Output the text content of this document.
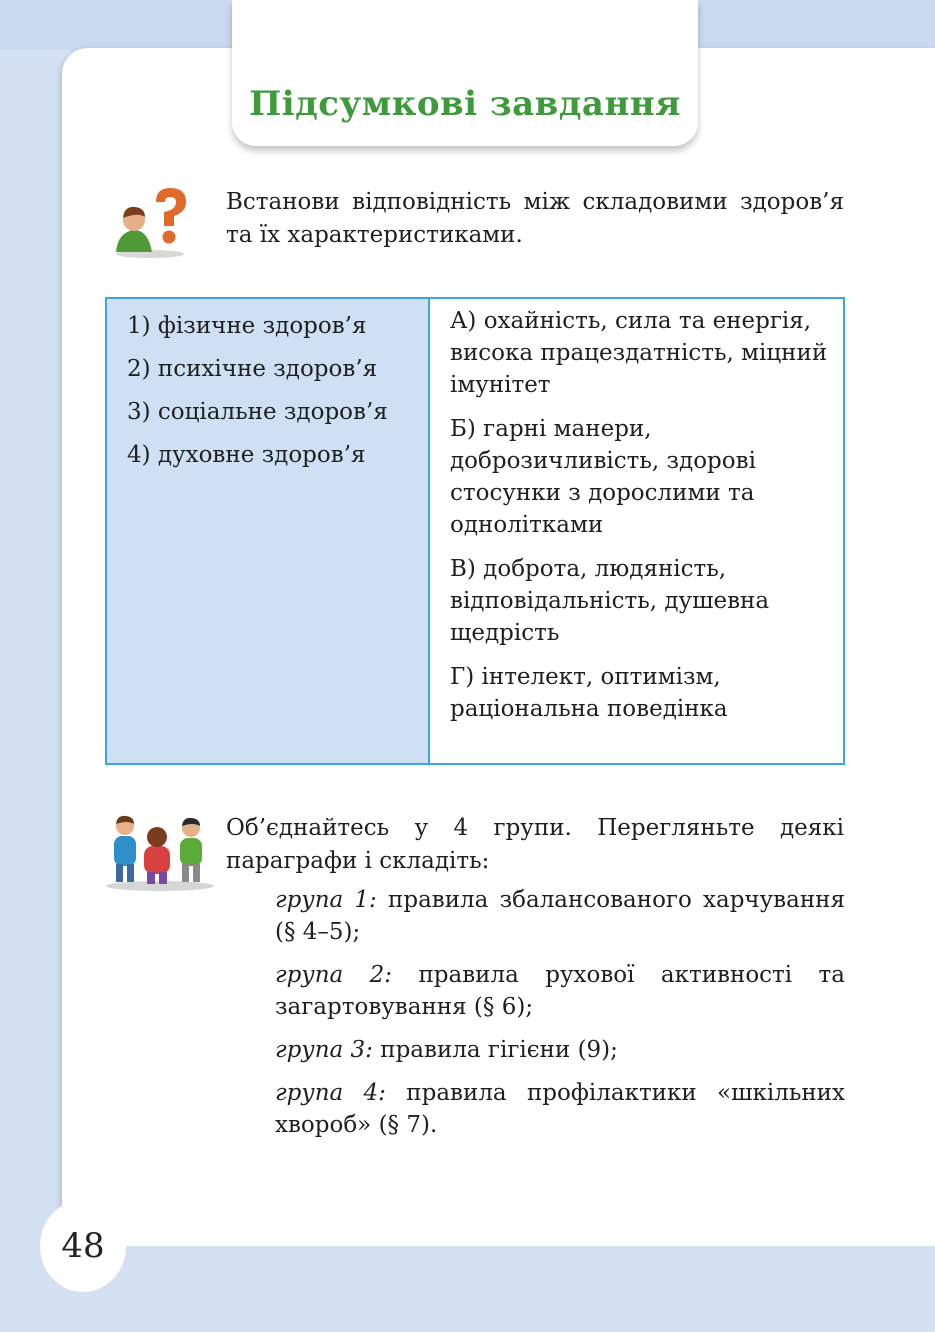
Підсумкові завдання
Встанови відповідність між складовими здоров’я та їх характеристиками.
1) фізичне здоров’я
2) психічне здоров’я
3) соціальне здоров’я
4) духовне здоров’я
А) охайність, сила та енергія, висока працездатність, міцний імунітет
Б) гарні манери, доброзичливість, здорові стосунки з дорослими та однолітками
В) доброта, людяність, відповідальність, душевна щедрість
Г) інтелект, оптимізм, раціональна поведінка
Об’єднайтесь у 4 групи. Перегляньте деякі параграфи і складіть:
група 1: правила збалансованого харчування (§ 4–5);
група 2: правила рухової активності та загартовування (§ 6);
група 3: правила гігієни (9);
група 4: правила профілактики «шкільних хвороб» (§ 7).
48
